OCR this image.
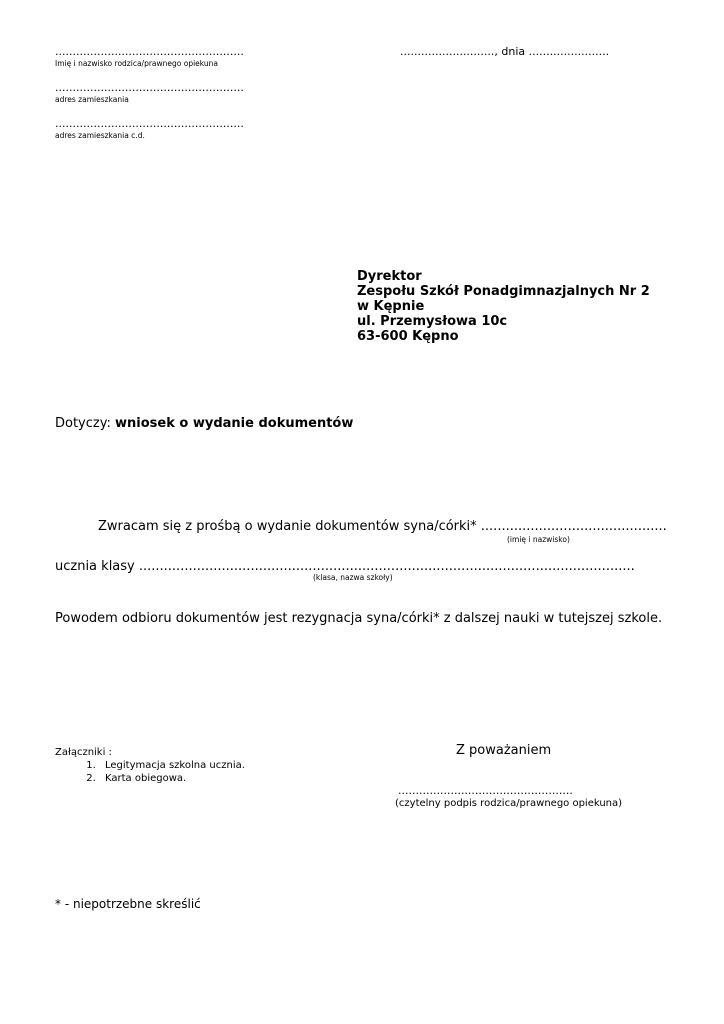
......................................................
Imię i nazwisko rodzica/prawnego opiekuna
......................................................
adres zamieszkania
......................................................
adres zamieszkania c.d.
..........................., dnia .......................
Dyrektor
Zespołu Szkół Ponadgimnazjalnych Nr 2
w Kępnie
ul. Przemysłowa 10c
63-600 Kępno
Dotyczy: wniosek o wydanie dokumentów
Zwracam się z prośbą o wydanie dokumentów syna/córki* .............................................
(imię i nazwisko)
ucznia klasy ........................................................................................................................
(klasa, nazwa szkoły)
Powodem odbioru dokumentów jest rezygnacja syna/córki* z dalszej nauki w tutejszej szkole.
Załączniki :
1. Legitymacja szkolna ucznia.
2. Karta obiegowa.
Z poważaniem
..................................................
(czytelny podpis rodzica/prawnego opiekuna)
* - niepotrzebne skreślić
